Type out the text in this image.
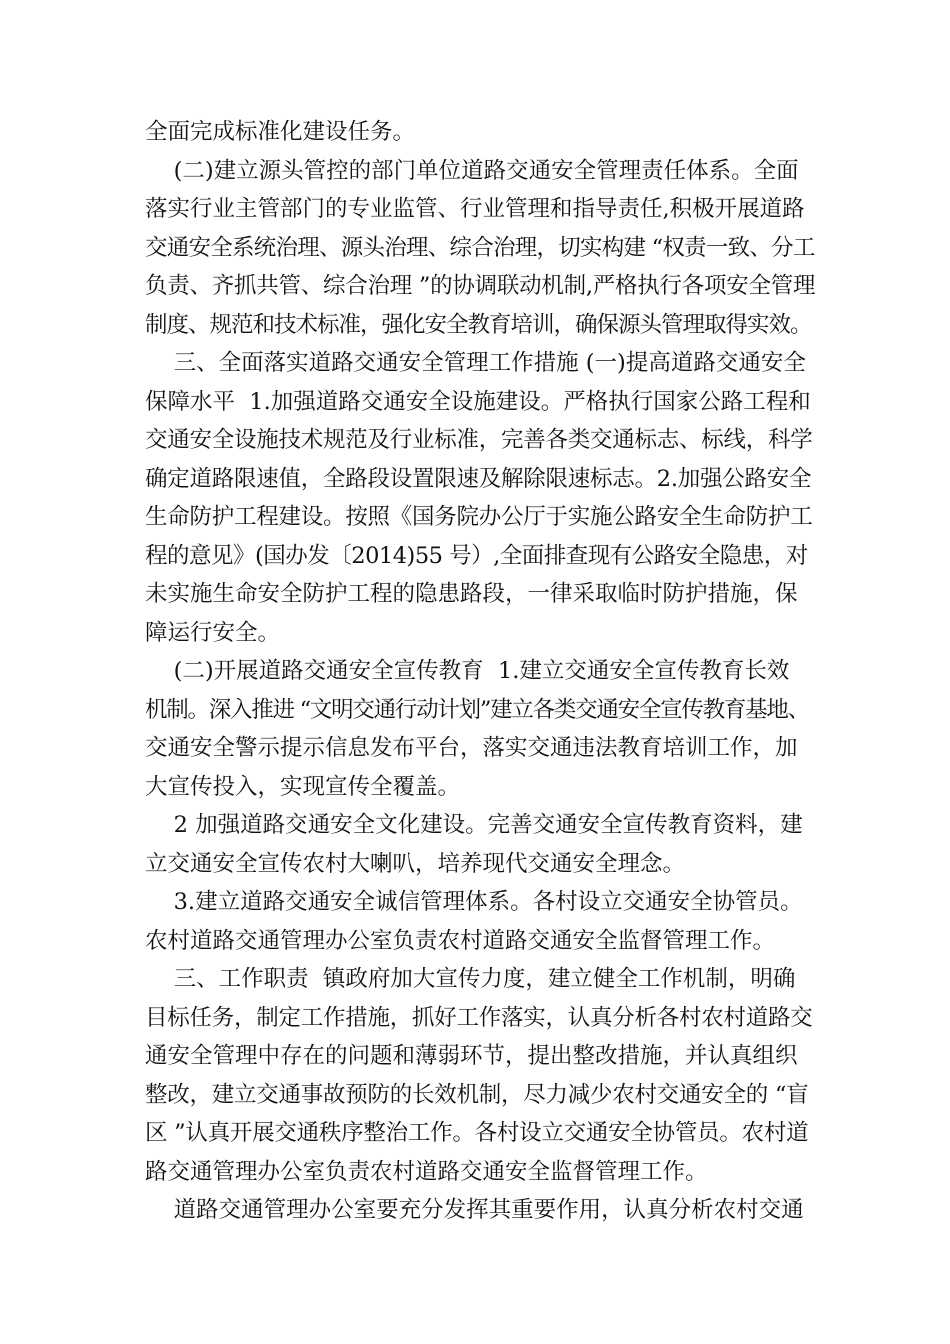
全面完成标准化建设任务。
(二)建立源头管控的部门单位道路交通安全管理责任体系。全面
落实行业主管部门的专业监管、行业管理和指导责任,积极开展道路
交通安全系统治理、源头治理、综合治理，切实构建 “权责一致、分工
负责、齐抓共管、综合治理 ”的协调联动机制,严格执行各项安全管理
制度、规范和技术标准，强化安全教育培训，确保源头管理取得实效。
三、全面落实道路交通安全管理工作措施 (一)提高道路交通安全
保障水平  1.加强道路交通安全设施建设。严格执行国家公路工程和
交通安全设施技术规范及行业标准，完善各类交通标志、标线，科学
确定道路限速值，全路段设置限速及解除限速标志。2.加强公路安全
生命防护工程建设。按照《国务院办公厅于实施公路安全生命防护工
程的意见》(国办发〔2014)55 号）,全面排查现有公路安全隐患，对
未实施生命安全防护工程的隐患路段，一律采取临时防护措施，保
障运行安全。
(二)开展道路交通安全宣传教育  1.建立交通安全宣传教育长效
机制。深入推进 “文明交通行动计划”建立各类交通安全宣传教育基地、
交通安全警示提示信息发布平台，落实交通违法教育培训工作，加
大宣传投入，实现宣传全覆盖。
2 加强道路交通安全文化建设。完善交通安全宣传教育资料，建
立交通安全宣传农村大喇叭，培养现代交通安全理念。
3.建立道路交通安全诚信管理体系。各村设立交通安全协管员。
农村道路交通管理办公室负责农村道路交通安全监督管理工作。
三、工作职责  镇政府加大宣传力度，建立健全工作机制，明确
目标任务，制定工作措施，抓好工作落实，认真分析各村农村道路交
通安全管理中存在的问题和薄弱环节，提出整改措施，并认真组织
整改，建立交通事故预防的长效机制，尽力减少农村交通安全的 “盲
区 ”认真开展交通秩序整治工作。各村设立交通安全协管员。农村道
路交通管理办公室负责农村道路交通安全监督管理工作。
道路交通管理办公室要充分发挥其重要作用，认真分析农村交通
